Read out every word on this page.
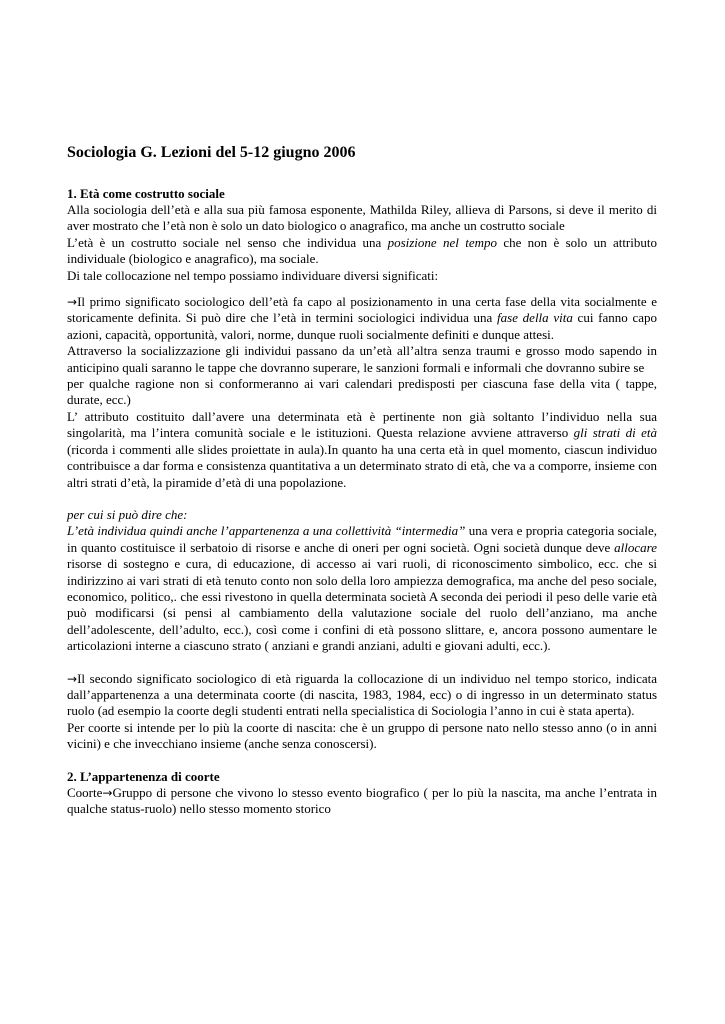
Sociologia G. Lezioni del 5-12 giugno 2006
1. Età come costrutto sociale

Alla sociologia dell’età e alla sua più famosa esponente, Mathilda Riley, allieva di Parsons, si deve il merito di aver mostrato che l’età non è solo un dato biologico o anagrafico, ma anche un costrutto sociale

L’età è un costrutto sociale nel senso che individua una posizione nel tempo che non è solo un attributo individuale (biologico e anagrafico), ma sociale.

Di tale collocazione nel tempo possiamo individuare diversi significati:

→Il primo significato sociologico dell’età fa capo al posizionamento in una certa fase della vita socialmente e storicamente definita. Si può dire che l’età in termini sociologici individua una fase della vita cui fanno capo azioni, capacità, opportunità, valori, norme, dunque ruoli socialmente definiti e dunque attesi.

Attraverso la socializzazione gli individui passano da un’età all’altra senza traumi e grosso modo sapendo in anticipino quali saranno le tappe che dovranno superare, le sanzioni formali e informali che dovranno subire se

per qualche ragione non si conformeranno ai vari calendari predisposti per ciascuna fase della vita ( tappe, durate, ecc.)

L’ attributo costituito dall’avere una determinata età è pertinente non già soltanto l’individuo nella sua singolarità, ma l’intera comunità sociale e le istituzioni. Questa relazione avviene attraverso gli strati di età (ricorda i commenti alle slides proiettate in aula).In quanto ha una certa età in quel momento, ciascun individuo contribuisce a dar forma e consistenza quantitativa a un determinato strato di età, che va a comporre, insieme con altri strati d’età, la piramide d’età di una popolazione.

per cui si può dire che:

L’età individua quindi anche l’appartenenza a una collettività “intermedia” una vera e propria categoria sociale, in quanto costituisce il serbatoio di risorse e anche di oneri per ogni società. Ogni società dunque deve allocare risorse di sostegno e cura, di educazione, di accesso ai vari ruoli, di riconoscimento simbolico, ecc. che si indirizzino ai vari strati di età tenuto conto non solo della loro ampiezza demografica, ma anche del peso sociale, economico, politico,. che essi rivestono in quella determinata società A seconda dei periodi il peso delle varie età può modificarsi (si pensi al cambiamento della valutazione sociale del ruolo dell’anziano, ma anche dell’adolescente, dell’adulto, ecc.), così come i confini di età possono slittare, e, ancora possono aumentare le articolazioni interne a ciascuno strato ( anziani e grandi anziani, adulti e giovani adulti, ecc.).

→Il secondo significato sociologico di età riguarda la collocazione di un individuo nel tempo storico, indicata dall’appartenenza a una determinata coorte (di nascita, 1983, 1984, ecc) o di ingresso in un determinato status ruolo (ad esempio la coorte degli studenti entrati nella specialistica di Sociologia l’anno in cui è stata aperta).

Per coorte si intende per lo più la coorte di nascita: che è un gruppo di persone nato nello stesso anno (o in anni vicini) e che invecchiano insieme (anche senza conoscersi).

2. L’appartenenza di coorte

Coorte→Gruppo di persone che vivono lo stesso evento biografico ( per lo più la nascita, ma anche l’entrata in qualche status-ruolo) nello stesso momento storico
